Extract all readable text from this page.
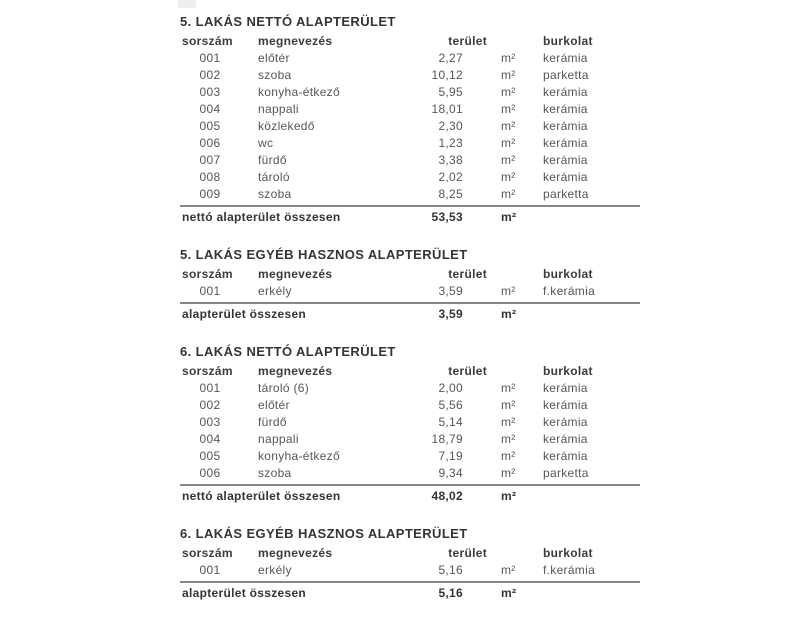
5. LAKÁS NETTÓ ALAPTERÜLET
sorszám	megnevezés	terület	burkolat
001	előtér	2,27	m²	kerámia
002	szoba	10,12	m²	parketta
003	konyha-étkező	5,95	m²	kerámia
004	nappali	18,01	m²	kerámia
005	közlekedő	2,30	m²	kerámia
006	wc	1,23	m²	kerámia
007	fürdő	3,38	m²	kerámia
008	tároló	2,02	m²	kerámia
009	szoba	8,25	m²	parketta
nettó alapterület összesen	53,53	m²
5. LAKÁS EGYÉB HASZNOS ALAPTERÜLET
sorszám	megnevezés	terület	burkolat
001	erkély	3,59	m²	f.kerámia
alapterület összesen	3,59	m²
6. LAKÁS NETTÓ ALAPTERÜLET
sorszám	megnevezés	terület	burkolat
001	tároló (6)	2,00	m²	kerámia
002	előtér	5,56	m²	kerámia
003	fürdő	5,14	m²	kerámia
004	nappali	18,79	m²	kerámia
005	konyha-étkező	7,19	m²	kerámia
006	szoba	9,34	m²	parketta
nettó alapterület összesen	48,02	m²
6. LAKÁS EGYÉB HASZNOS ALAPTERÜLET
sorszám	megnevezés	terület	burkolat
001	erkély	5,16	m²	f.kerámia
alapterület összesen	5,16	m²
